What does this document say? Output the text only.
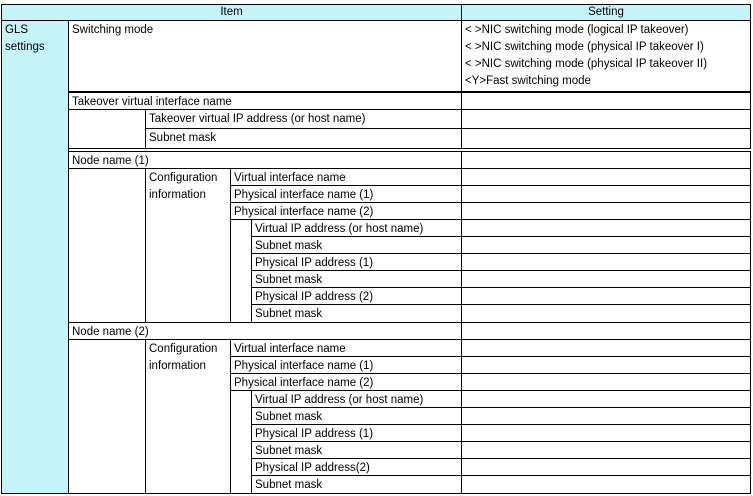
Item	Setting
GLS
settings
Switching mode	< >NIC switching mode (logical IP takeover)
< >NIC switching mode (physical IP takeover I)
< >NIC switching mode (physical IP takeover II)
<Y>Fast switching mode
Takeover virtual interface name
Takeover virtual IP address (or host name)
Subnet mask
Node name (1)
Configuration
information
Virtual interface name
Physical interface name (1)
Physical interface name (2)
Virtual IP address (or host name)
Subnet mask
Physical IP address (1)
Subnet mask
Physical IP address (2)
Subnet mask
Node name (2)
Configuration
information
Virtual interface name
Physical interface name (1)
Physical interface name (2)
Virtual IP address (or host name)
Subnet mask
Physical IP address (1)
Subnet mask
Physical IP address(2)
Subnet mask
